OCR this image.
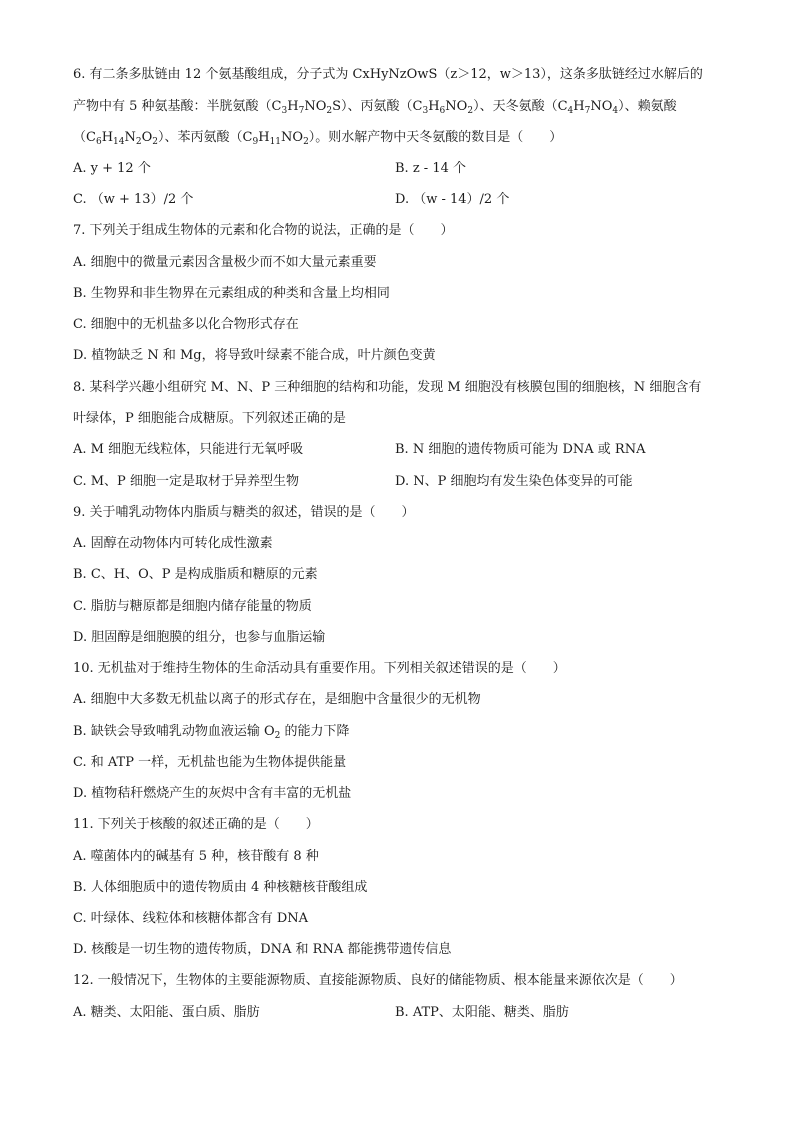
6. 有二条多肽链由 12 个氨基酸组成，分子式为 CxHyNzOwS（z＞12，w＞13），这条多肽链经过水解后的
产物中有 5 种氨基酸：半胱氨酸$(C_3H_7NO_2S)$、丙氨酸$(C_3H_6NO_2)$、天冬氨酸$(C_4H_7NO_4)$、赖氨酸
$(C_6H_{14}N_2O_2)$、苯丙氨酸$(C_9H_{11}NO_2)$。则水解产物中天冬氨酸的数目是（　　）
A. y + 12 个	B. z - 14 个
C. （w + 13）/2 个	D. （w - 14）/2 个
7. 下列关于组成生物体的元素和化合物的说法，正确的是（　　）
A. 细胞中的微量元素因含量极少而不如大量元素重要
B. 生物界和非生物界在元素组成的种类和含量上均相同
C. 细胞中的无机盐多以化合物形式存在
D. 植物缺乏 N 和 Mg，将导致叶绿素不能合成，叶片颜色变黄
8. 某科学兴趣小组研究 M、N、P 三种细胞的结构和功能，发现 M 细胞没有核膜包围的细胞核，N 细胞含有
叶绿体，P 细胞能合成糖原。下列叙述正确的是
A. M 细胞无线粒体，只能进行无氧呼吸	B. N 细胞的遗传物质可能为 DNA 或 RNA
C. M、P 细胞一定是取材于异养型生物	D. N、P 细胞均有发生染色体变异的可能
9. 关于哺乳动物体内脂质与糖类的叙述，错误的是（　　）
A. 固醇在动物体内可转化成性激素
B. C、H、O、P 是构成脂质和糖原的元素
C. 脂肪与糖原都是细胞内储存能量的物质
D. 胆固醇是细胞膜的组分，也参与血脂运输
10. 无机盐对于维持生物体的生命活动具有重要作用。下列相关叙述错误的是（　　）
A. 细胞中大多数无机盐以离子的形式存在，是细胞中含量很少的无机物
B. 缺铁会导致哺乳动物血液运输 $O_2$ 的能力下降
C. 和 ATP 一样，无机盐也能为生物体提供能量
D. 植物秸秆燃烧产生的灰烬中含有丰富的无机盐
11. 下列关于核酸的叙述正确的是（　　）
A. 噬菌体内的碱基有 5 种，核苷酸有 8 种
B. 人体细胞质中的遗传物质由 4 种核糖核苷酸组成
C. 叶绿体、线粒体和核糖体都含有 DNA
D. 核酸是一切生物的遗传物质，DNA 和 RNA 都能携带遗传信息
12. 一般情况下，生物体的主要能源物质、直接能源物质、良好的储能物质、根本能量来源依次是（　　）
A. 糖类、太阳能、蛋白质、脂肪	B. ATP、太阳能、糖类、脂肪
